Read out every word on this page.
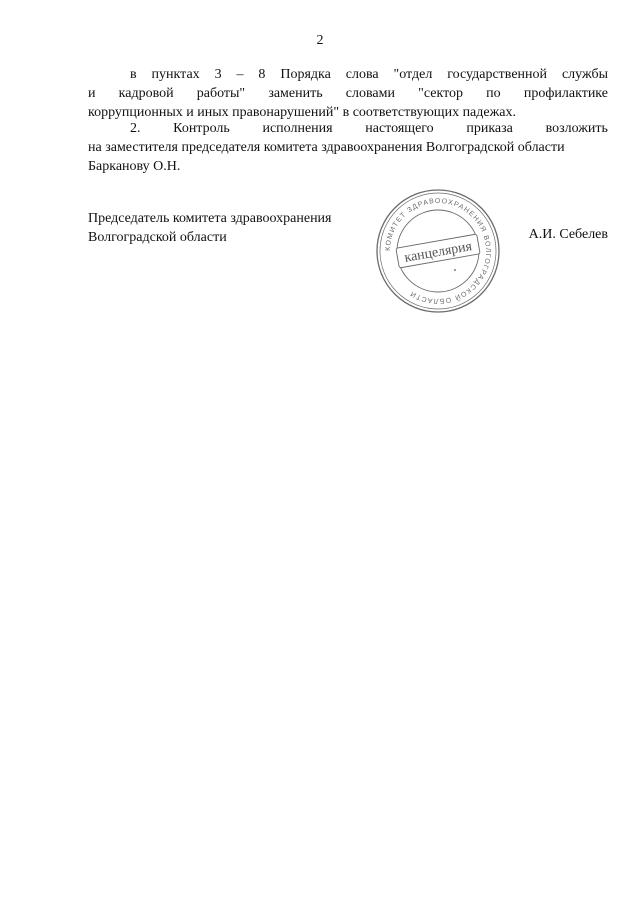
2
в пунктах 3 – 8 Порядка слова "отдел государственной службы
и кадровой работы" заменить словами "сектор по профилактике
коррупционных и иных правонарушений" в соответствующих падежах.
2. Контроль исполнения настоящего приказа возложить
на заместителя председателя комитета здравоохранения Волгоградской области
Барканову О.Н.
Председатель комитета здравоохранения
Волгоградской области	А.И. Себелев
КОМИТЕТ ЗДРАВООХРАНЕНИЯ ВОЛГОГРАДСКОЙ ОБЛАСТИ
канцелярия
